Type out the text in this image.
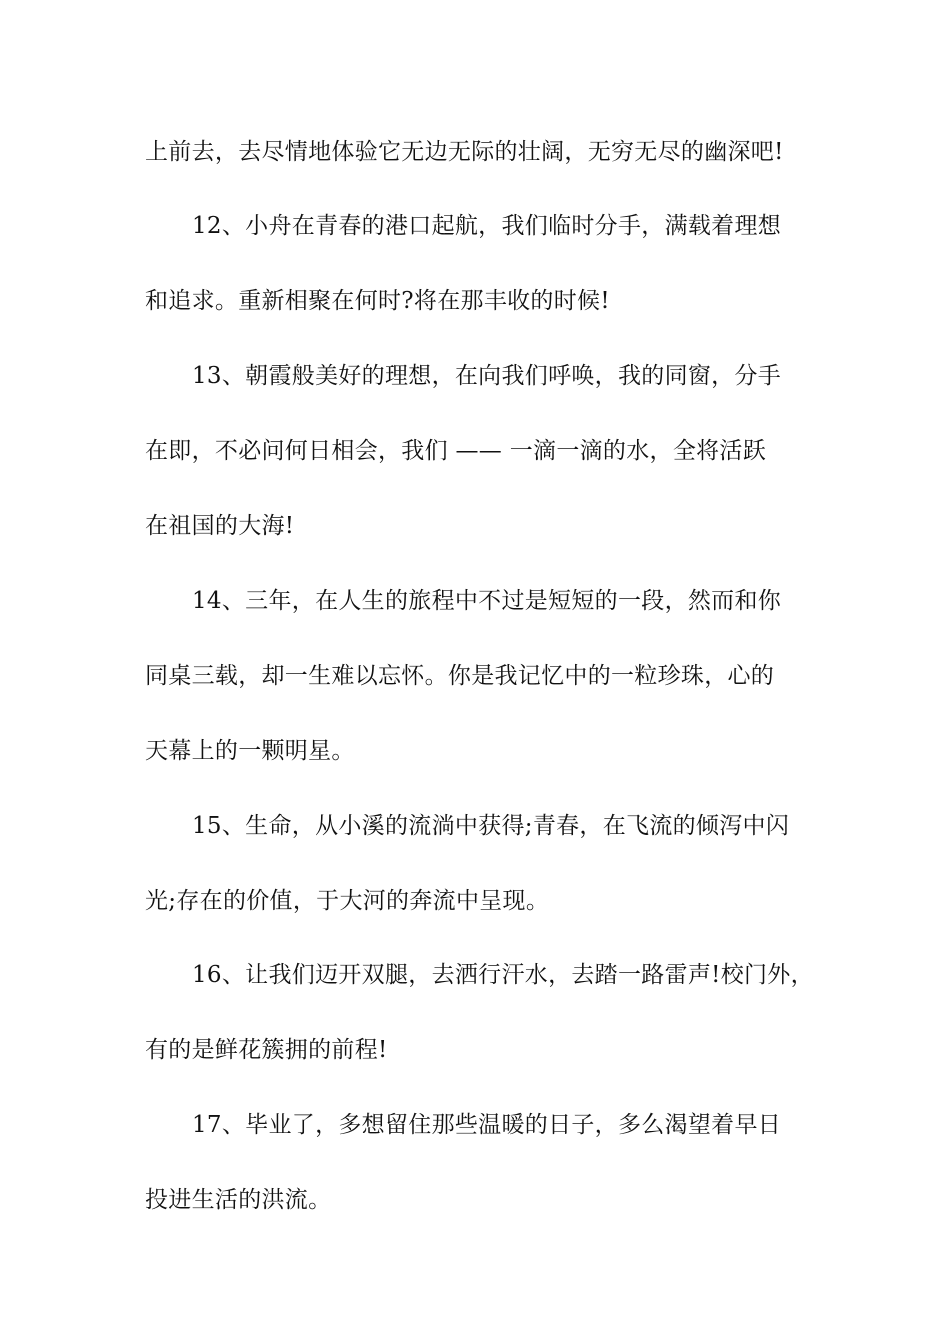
上前去，去尽情地体验它无边无际的壮阔，无穷无尽的幽深吧!
12、小舟在青春的港口起航，我们临时分手，满载着理想
和追求。重新相聚在何时?将在那丰收的时候!
13、朝霞般美好的理想，在向我们呼唤，我的同窗，分手
在即，不必问何日相会，我们 —— 一滴一滴的水，全将活跃
在祖国的大海!
14、三年，在人生的旅程中不过是短短的一段，然而和你
同桌三载，却一生难以忘怀。你是我记忆中的一粒珍珠，心的
天幕上的一颗明星。
15、生命，从小溪的流淌中获得;青春，在飞流的倾泻中闪
光;存在的价值，于大河的奔流中呈现。
16、让我们迈开双腿，去洒行汗水，去踏一路雷声!校门外，
有的是鲜花簇拥的前程!
17、毕业了，多想留住那些温暖的日子，多么渴望着早日
投进生活的洪流。
